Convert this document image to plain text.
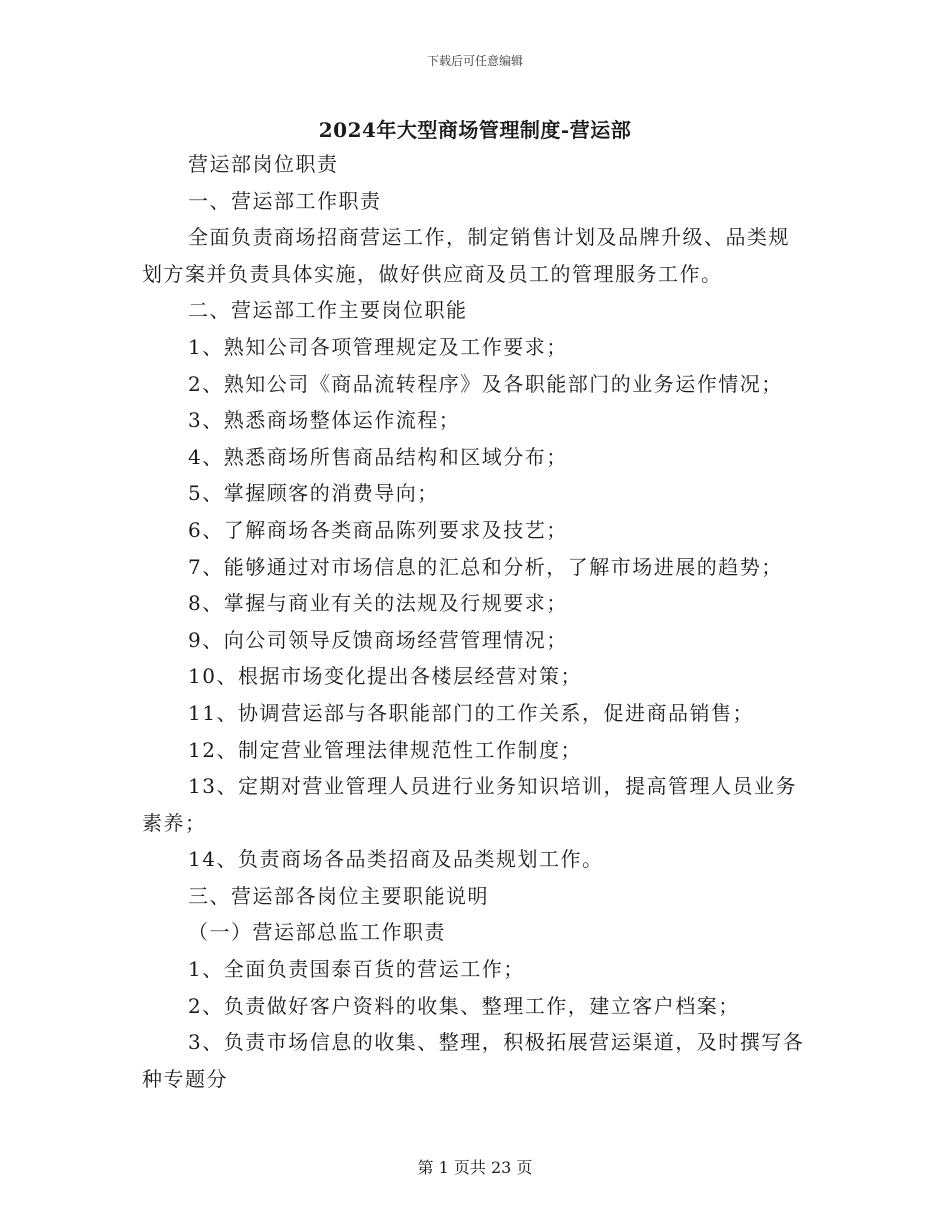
下载后可任意编辑
2024年大型商场管理制度-营运部

营运部岗位职责

一、营运部工作职责

全面负责商场招商营运工作，制定销售计划及品牌升级、品类规划方案并负责具体实施，做好供应商及员工的管理服务工作。

二、营运部工作主要岗位职能

1、熟知公司各项管理规定及工作要求；

2、熟知公司《商品流转程序》及各职能部门的业务运作情况；

3、熟悉商场整体运作流程；

4、熟悉商场所售商品结构和区域分布；

5、掌握顾客的消费导向；

6、了解商场各类商品陈列要求及技艺；

7、能够通过对市场信息的汇总和分析，了解市场进展的趋势；

8、掌握与商业有关的法规及行规要求；

9、向公司领导反馈商场经营管理情况；

10、根据市场变化提出各楼层经营对策；

11、协调营运部与各职能部门的工作关系，促进商品销售；

12、制定营业管理法律规范性工作制度；

13、定期对营业管理人员进行业务知识培训，提高管理人员业务素养；

14、负责商场各品类招商及品类规划工作。

三、营运部各岗位主要职能说明

（一）营运部总监工作职责

1、全面负责国泰百货的营运工作；

2、负责做好客户资料的收集、整理工作，建立客户档案；

3、负责市场信息的收集、整理，积极拓展营运渠道，及时撰写各种专题分

第 1 页共 23 页
